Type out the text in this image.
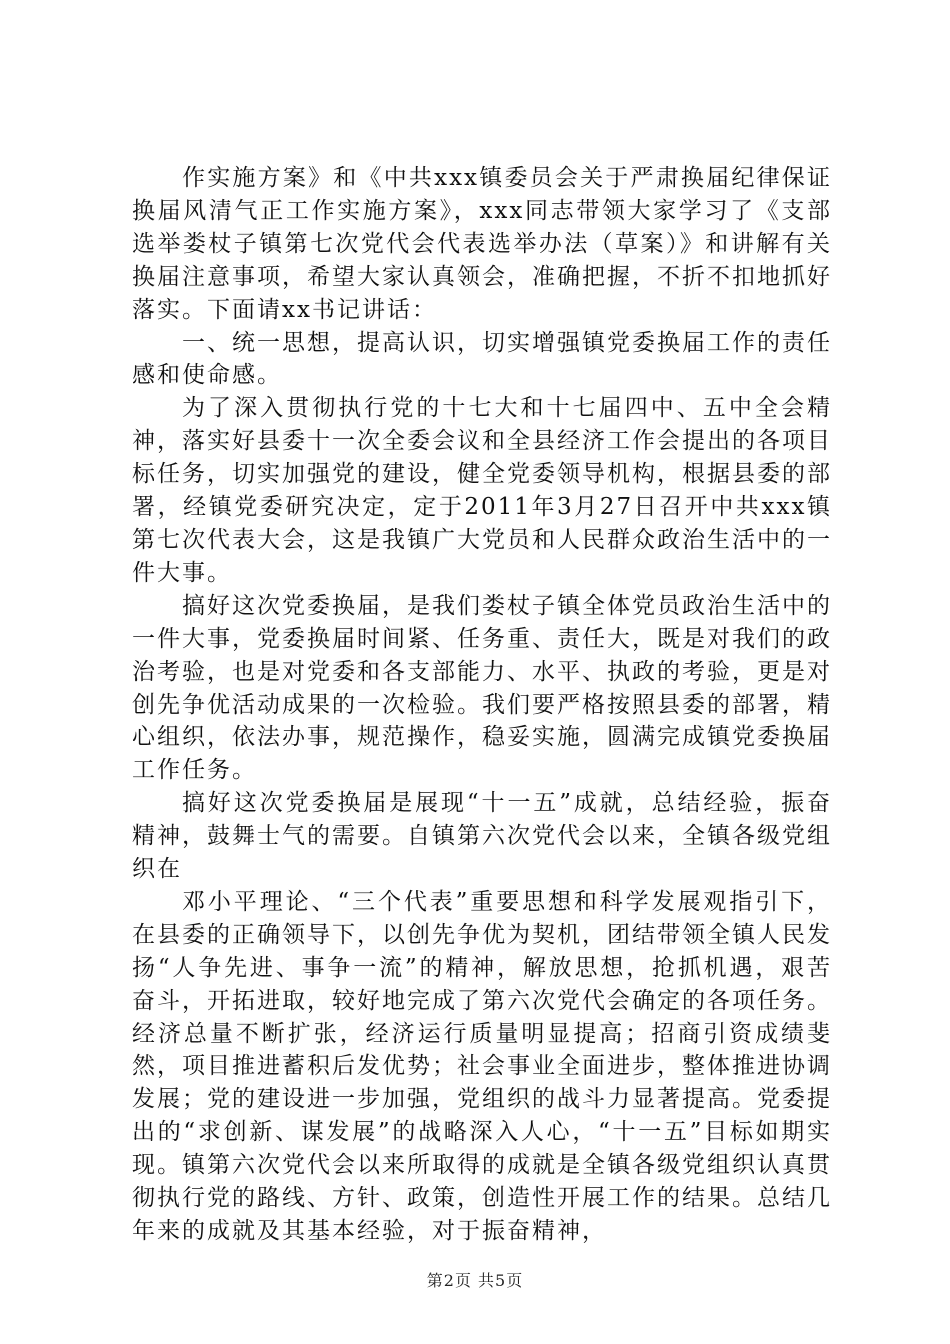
作实施方案》和《中共xxx镇委员会关于严肃换届纪律保证换届风清气正工作实施方案》，xxx同志带领大家学习了《支部选举娄杖子镇第七次党代会代表选举办法（草案）》和讲解有关换届注意事项，希望大家认真领会，准确把握，不折不扣地抓好落实。下面请xx书记讲话：

一、统一思想，提高认识，切实增强镇党委换届工作的责任感和使命感。

为了深入贯彻执行党的十七大和十七届四中、五中全会精神，落实好县委十一次全委会议和全县经济工作会提出的各项目标任务，切实加强党的建设，健全党委领导机构，根据县委的部署，经镇党委研究决定，定于2011年3月27日召开中共xxx镇第七次代表大会，这是我镇广大党员和人民群众政治生活中的一件大事。

搞好这次党委换届，是我们娄杖子镇全体党员政治生活中的一件大事，党委换届时间紧、任务重、责任大，既是对我们的政治考验，也是对党委和各支部能力、水平、执政的考验，更是对创先争优活动成果的一次检验。我们要严格按照县委的部署，精心组织，依法办事，规范操作，稳妥实施，圆满完成镇党委换届工作任务。

搞好这次党委换届是展现“十一五”成就，总结经验，振奋精神，鼓舞士气的需要。自镇第六次党代会以来，全镇各级党组织在

邓小平理论、“三个代表”重要思想和科学发展观指引下，在县委的正确领导下，以创先争优为契机，团结带领全镇人民发扬“人争先进、事争一流”的精神，解放思想，抢抓机遇，艰苦奋斗，开拓进取，较好地完成了第六次党代会确定的各项任务。经济总量不断扩张，经济运行质量明显提高；招商引资成绩斐然，项目推进蓄积后发优势；社会事业全面进步，整体推进协调发展；党的建设进一步加强，党组织的战斗力显著提高。党委提出的“求创新、谋发展”的战略深入人心，“十一五”目标如期实现。镇第六次党代会以来所取得的成就是全镇各级党组织认真贯彻执行党的路线、方针、政策，创造性开展工作的结果。总结几年来的成就及其基本经验，对于振奋精神，

第2页 共5页
